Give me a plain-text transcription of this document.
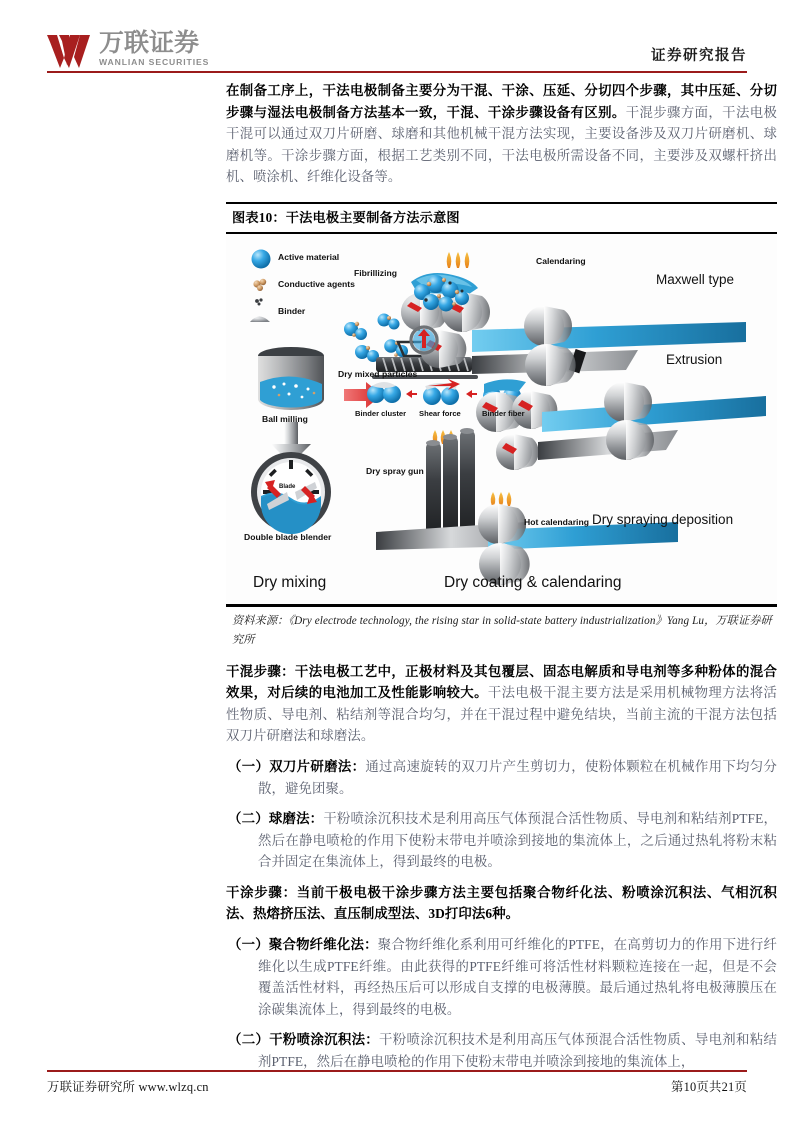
万联证券
WANLIAN SECURITIES	证券研究报告

在制备工序上，干法电极制备主要分为干混、干涂、压延、分切四个步骤，其中压延、分切步骤与湿法电极制备方法基本一致，干混、干涂步骤设备有区别。干混步骤方面，干法电极干混可以通过双刀片研磨、球磨和其他机械干混方法实现，主要设备涉及双刀片研磨机、球磨机等。干涂步骤方面，根据工艺类别不同，干法电极所需设备不同，主要涉及双螺杆挤出机、喷涂机、纤维化设备等。

图表10：干法电极主要制备方法示意图
Active material
Conductive agents
Binder
Dry mixed particles
Ball milling
Blade
Double blade blender
Fibrillizing
Calendaring
Maxwell type
Binder cluster Shear force	Binder fiber
Extrusion
Dry spray gun
Hot calendaring Dry spraying deposition
Dry mixing	Dry coating & calendaring
资料来源：《Dry electrode technology, the rising star in solid-state battery industrialization》Yang Lu，万联证券研究所

干混步骤：干法电极工艺中，正极材料及其包覆层、固态电解质和导电剂等多种粉体的混合效果，对后续的电池加工及性能影响较大。干法电极干混主要方法是采用机械物理方法将活性物质、导电剂、粘结剂等混合均匀，并在干混过程中避免结块，当前主流的干混方法包括双刀片研磨法和球磨法。

（一）双刀片研磨法：通过高速旋转的双刀片产生剪切力，使粉体颗粒在机械作用下均匀分散，避免团聚。

（二）球磨法：干粉喷涂沉积技术是利用高压气体预混合活性物质、导电剂和粘结剂PTFE，然后在静电喷枪的作用下使粉末带电并喷涂到接地的集流体上，之后通过热轧将粉末粘合并固定在集流体上，得到最终的电极。

干涂步骤：当前干极电极干涂步骤方法主要包括聚合物纤化法、粉喷涂沉积法、气相沉积法、热熔挤压法、直压制成型法、3D打印法6种。

（一）聚合物纤维化法：聚合物纤维化系利用可纤维化的PTFE，在高剪切力的作用下进行纤维化以生成PTFE纤维。由此获得的PTFE纤维可将活性材料颗粒连接在一起，但是不会覆盖活性材料，再经热压后可以形成自支撑的电极薄膜。最后通过热轧将电极薄膜压在涂碳集流体上，得到最终的电极。

（二）干粉喷涂沉积法：干粉喷涂沉积技术是利用高压气体预混合活性物质、导电剂和粘结剂PTFE，然后在静电喷枪的作用下使粉末带电并喷涂到接地的集流体上，

万联证券研究所 www.wlzq.cn	第10页共21页
